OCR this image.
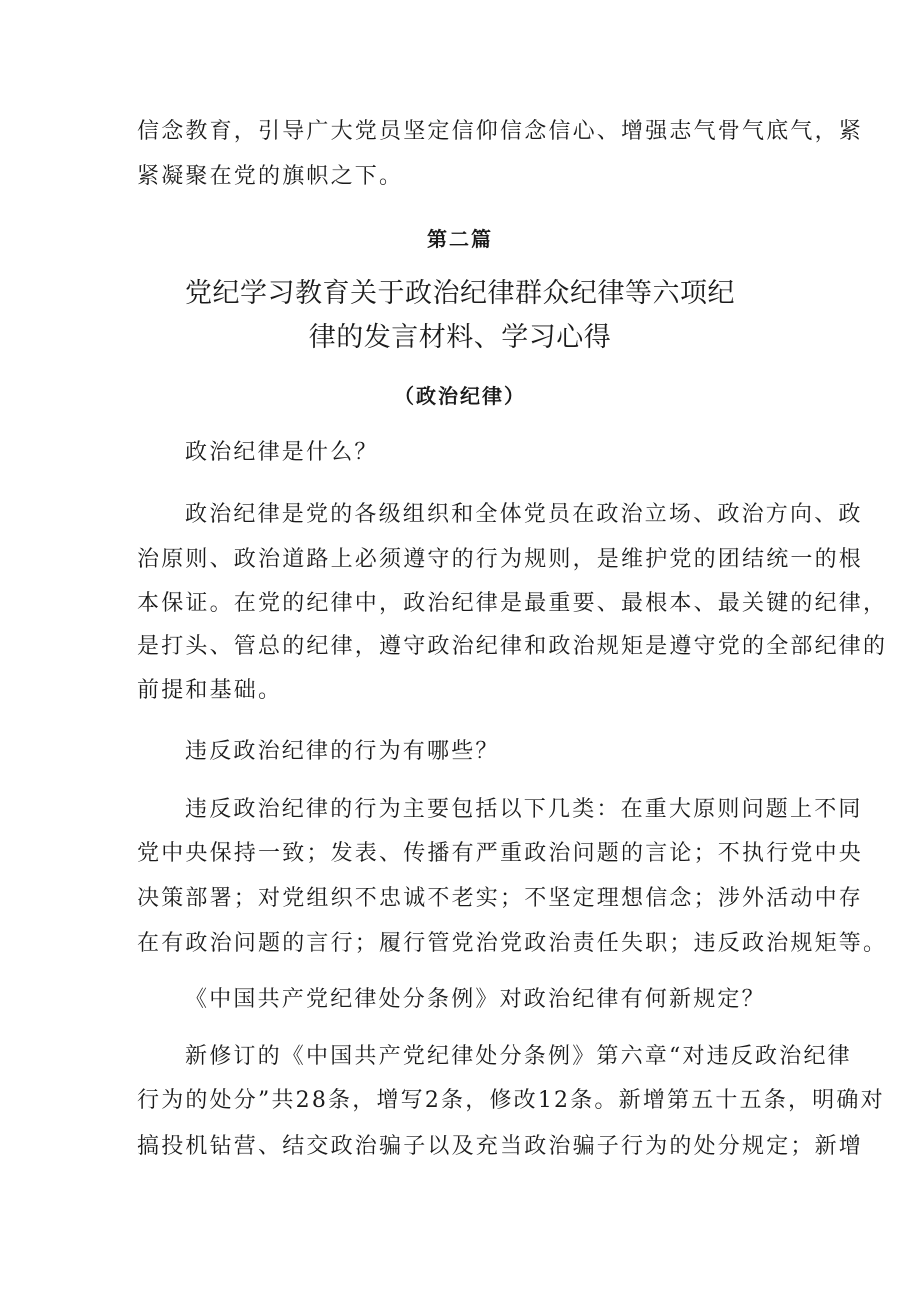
信念教育，引导广大党员坚定信仰信念信心、增强志气骨气底气，紧
紧凝聚在党的旗帜之下。
第二篇
党纪学习教育关于政治纪律群众纪律等六项纪
律的发言材料、学习心得
（政治纪律）
政治纪律是什么？
政治纪律是党的各级组织和全体党员在政治立场、政治方向、政
治原则、政治道路上必须遵守的行为规则，是维护党的团结统一的根
本保证。在党的纪律中，政治纪律是最重要、最根本、最关键的纪律，
是打头、管总的纪律，遵守政治纪律和政治规矩是遵守党的全部纪律的
前提和基础。
违反政治纪律的行为有哪些？
违反政治纪律的行为主要包括以下几类：在重大原则问题上不同
党中央保持一致；发表、传播有严重政治问题的言论；不执行党中央
决策部署；对党组织不忠诚不老实；不坚定理想信念；涉外活动中存
在有政治问题的言行；履行管党治党政治责任失职；违反政治规矩等。
《中国共产党纪律处分条例》对政治纪律有何新规定？
新修订的《中国共产党纪律处分条例》第六章“对违反政治纪律
行为的处分”共28条，增写2条，修改12条。新增第五十五条，明确对
搞投机钻营、结交政治骗子以及充当政治骗子行为的处分规定；新增
